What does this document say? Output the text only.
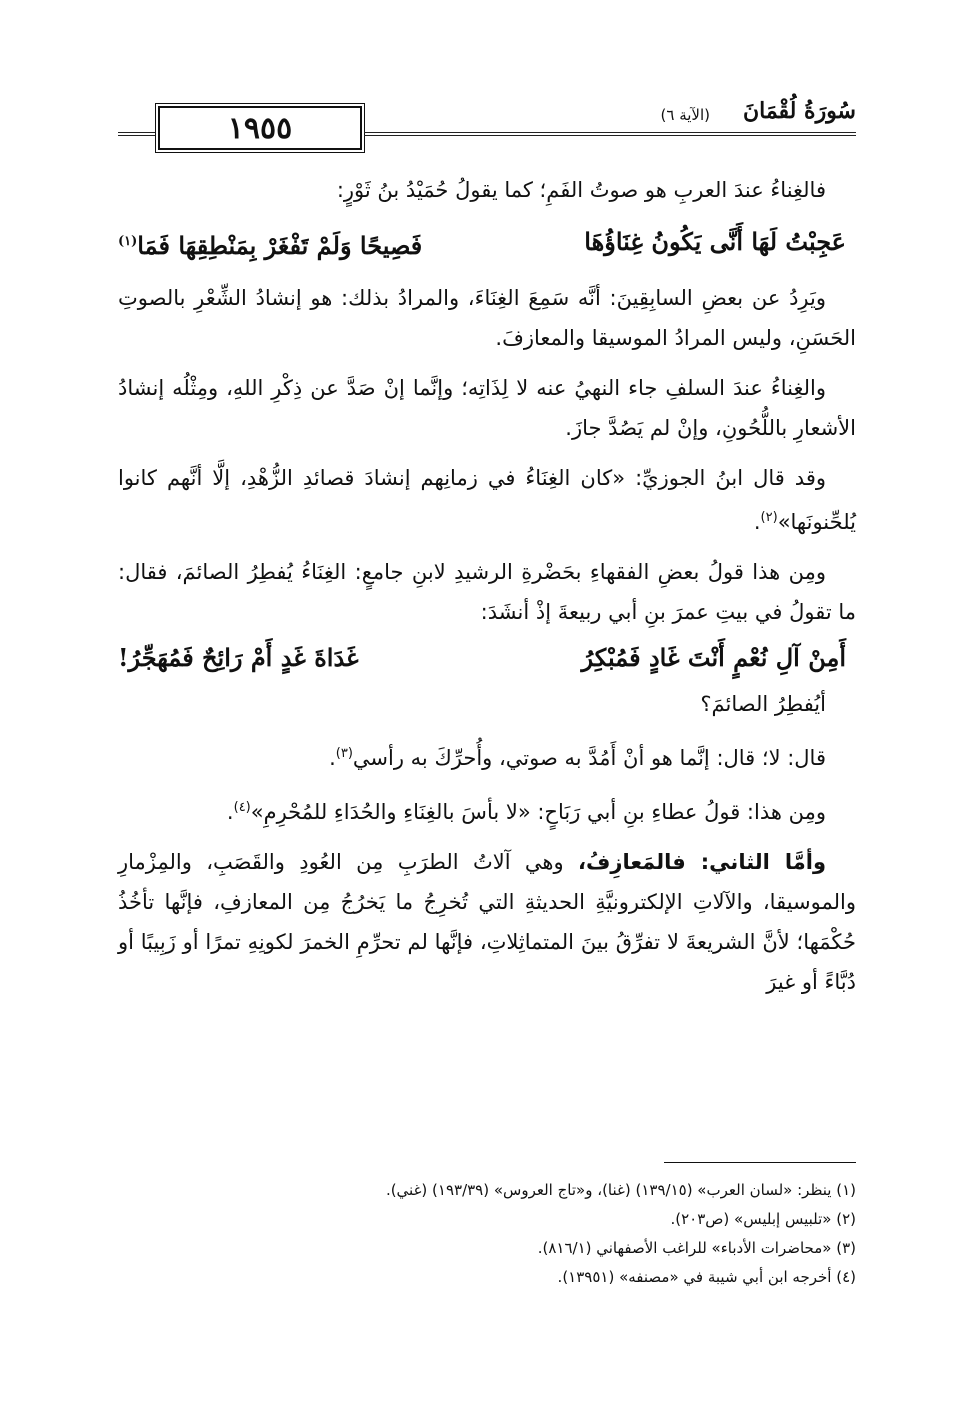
١٩٥٥	سُورَةُ لُقْمَانَ
(الآية ٦)

فالغِناءُ عندَ العربِ هو صوتُ الفَمِ؛ كما يقولُ حُمَيْدُ بنُ ثَوْرٍ:

عَجِبْتُ لَهَا أَنَّى يَكُونُ غِنَاؤُهَا
فَصِيحًا وَلَمْ تَفْغَرْ بِمَنْطِقِهَا فَمَا$^{(١)}$

ويَرِدُ عن بعضِ السابِقِينَ: أنَّه سَمِعَ الغِنَاءَ، والمرادُ بذلك: هو إنشادُ الشِّعْرِ بالصوتِ الحَسَنِ، وليس المرادُ الموسيقا والمعازفَ.

والغِناءُ عندَ السلفِ جاء النهيُ عنه لا لِذَاتِه؛ وإنَّما إنْ صَدَّ عن ذِكْرِ اللهِ، ومِثْلُه إنشادُ الأشعارِ باللُّحُونِ، وإنْ لم يَصُدَّ جازَ.

وقد قال ابنُ الجوزيِّ: «كان الغِنَاءُ في زمانِهم إنشادَ قصائدِ الزُّهْدِ، إلَّا أنَّهم كانوا يُلحِّنونَها»$^{(٢)}$.

ومِن هذا قولُ بعضِ الفقهاءِ بحَضْرةِ الرشيدِ لابنِ جامعٍ: الغِنَاءُ يُفطِرُ الصائمَ، فقال: ما تقولُ في بيتِ عمرَ بنِ أبي ربيعةَ إذْ أنشَدَ:

أَمِنْ آلِ نُعْمٍ أَنْتَ غَادٍ فَمُبْكِرُ
غَدَاةَ غَدٍ أَمْ رَائِحٌ فَمُهَجِّرُ!

أيُفطِرُ الصائمَ؟

قال: لا؛ قال: إنَّما هو أنْ أَمُدَّ به صوتي، وأُحرِّكَ به رأسي$^{(٣)}$.

ومِن هذا: قولُ عطاءِ بنِ أبي رَبَاحٍ: «لا بأسَ بالغِنَاءِ والحُدَاءِ للمُحْرِمِ»$^{(٤)}$.

وأمَّا الثاني: فالمَعازِفُ، وهي آلاتُ الطرَبِ مِن العُودِ والقَصَبِ، والمِزْمارِ والموسيقا، والآلاتِ الإلكترونيَّةِ الحديثةِ التي تُخرِجُ ما يَخرُجُ مِن المعازفِ، فإنَّها تأخُذُ حُكْمَها؛ لأنَّ الشريعةَ لا تفرِّقُ بينَ المتماثِلاتِ، فإنَّها لم تحرِّمِ الخمرَ لكونِهِ تمرًا أو زَبِيبًا أو دُبَّاءً أو غيرَ

(١) ينظر: «لسان العرب» (١٣٩/١٥) (غنا)، و«تاج العروس» (١٩٣/٣٩) (غني).
(٢) «تلبيس إبليس» (ص٢٠٣).
(٣) «محاضرات الأدباء» للراغب الأصفهاني (٨١٦/١).
(٤) أخرجه ابن أبي شيبة في «مصنفه» (١٣٩٥١).
